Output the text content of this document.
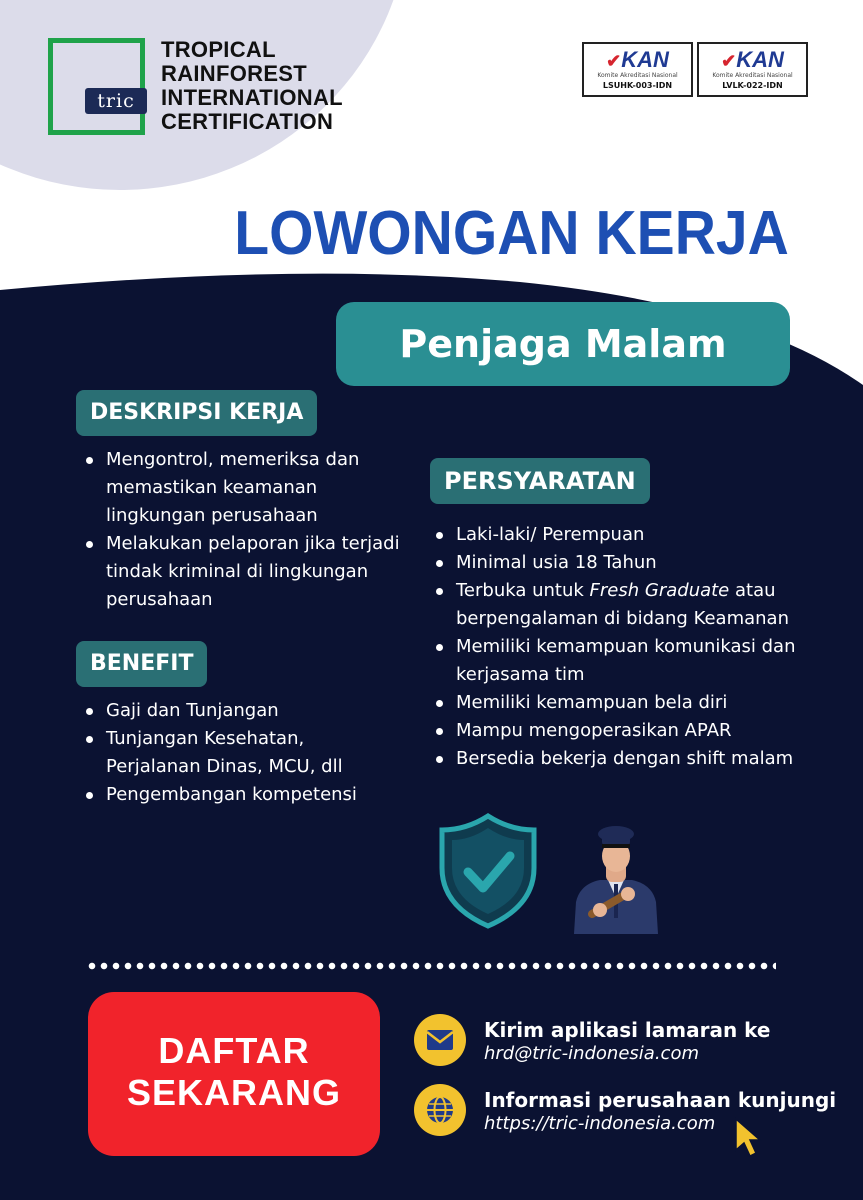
tric
TROPICAL
RAINFOREST
INTERNATIONAL
CERTIFICATION
✔KAN
Komite Akreditasi Nasional
LSUHK-003-IDN
✔KAN
Komite Akreditasi Nasional
LVLK-022-IDN
LOWONGAN KERJA
Penjaga Malam
DESKRIPSI KERJA
Mengontrol, memeriksa dan memastikan keamanan lingkungan perusahaan
Melakukan pelaporan jika terjadi tindak kriminal di lingkungan perusahaan
BENEFIT
Gaji dan Tunjangan
Tunjangan Kesehatan, Perjalanan Dinas, MCU, dll
Pengembangan kompetensi
PERSYARATAN
Laki-laki/ Perempuan
Minimal usia 18 Tahun
Terbuka untuk Fresh Graduate atau berpengalaman di bidang Keamanan
Memiliki kemampuan komunikasi dan kerjasama tim
Memiliki kemampuan bela diri
Mampu mengoperasikan APAR
Bersedia bekerja dengan shift malam
DAFTAR
SEKARANG
Kirim aplikasi lamaran ke
hrd@tric-indonesia.com
Informasi perusahaan kunjungi
https://tric-indonesia.com
